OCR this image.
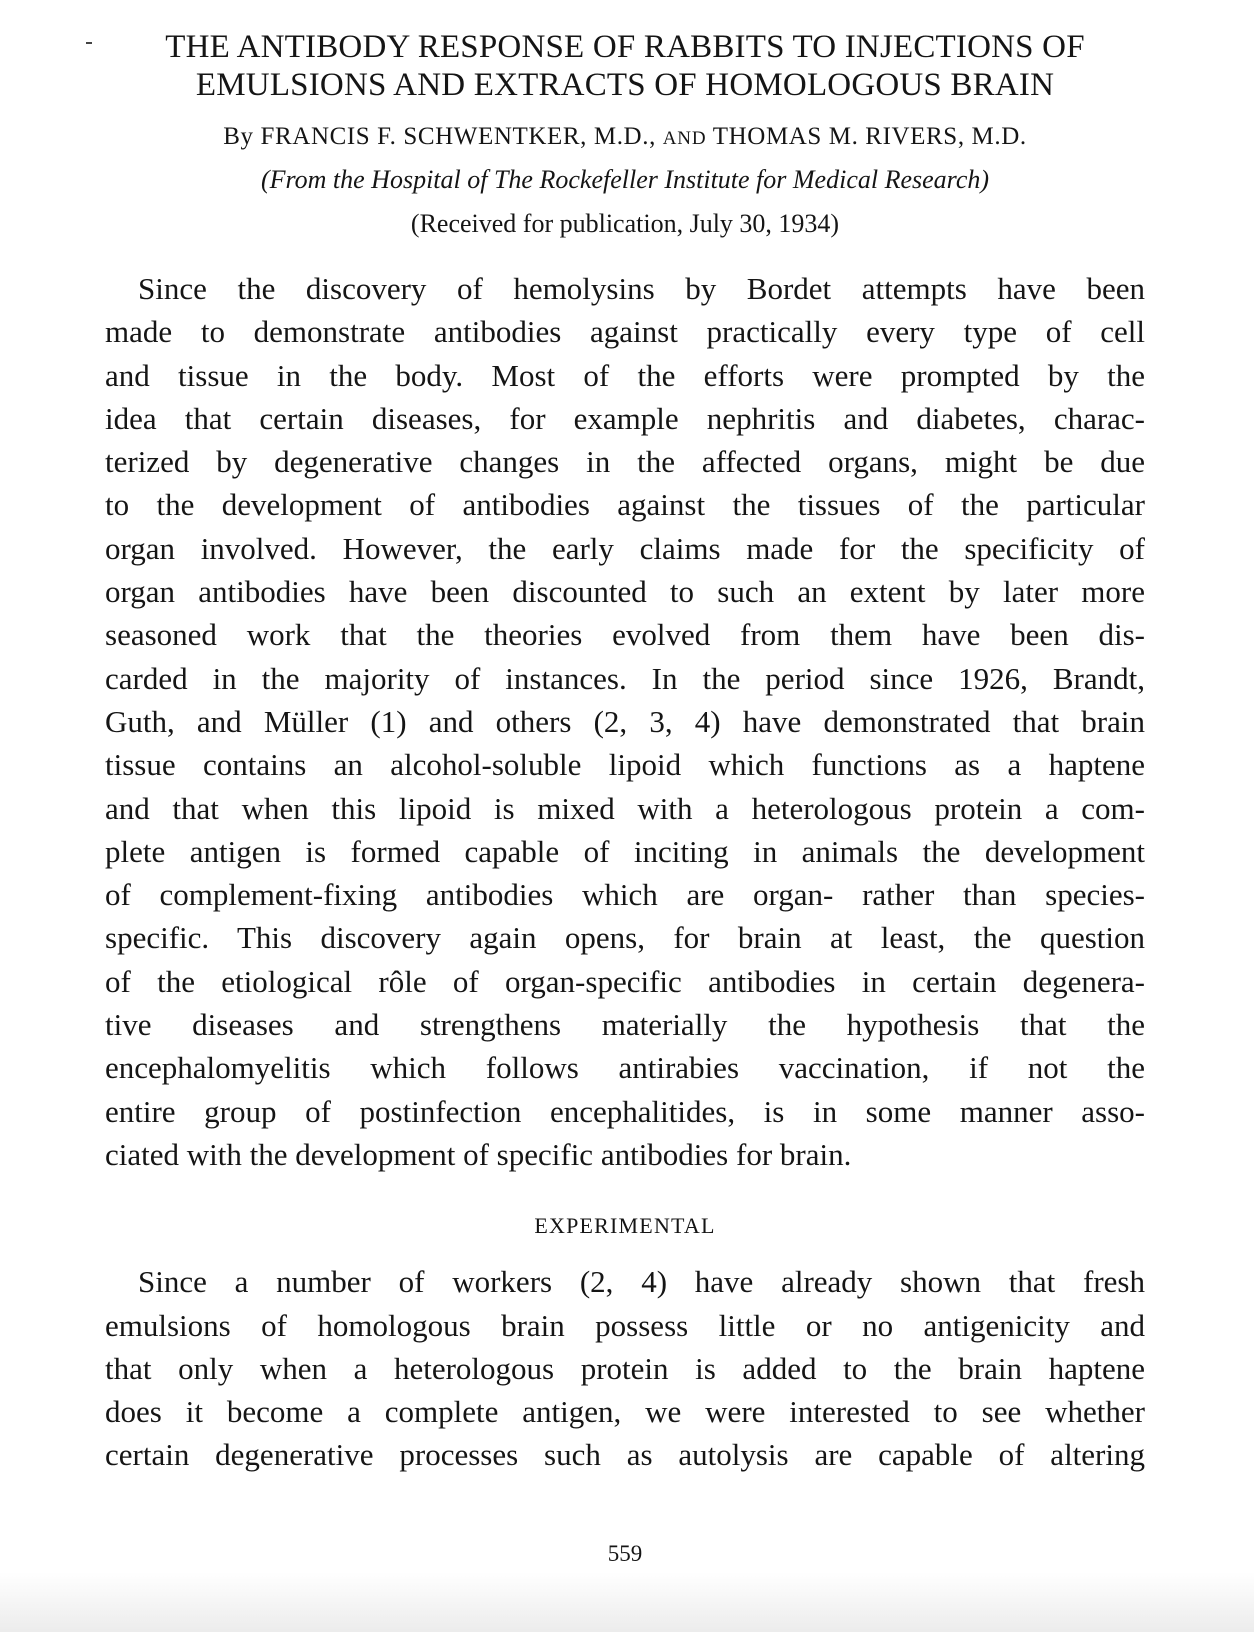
THE ANTIBODY RESPONSE OF RABBITS TO INJECTIONS OF
EMULSIONS AND EXTRACTS OF HOMOLOGOUS BRAIN
By FRANCIS F. SCHWENTKER, M.D., AND THOMAS M. RIVERS, M.D.
(From the Hospital of The Rockefeller Institute for Medical Research)
(Received for publication, July 30, 1934)
Since the discovery of hemolysins by Bordet attempts have been
made to demonstrate antibodies against practically every type of cell
and tissue in the body. Most of the efforts were prompted by the
idea that certain diseases, for example nephritis and diabetes, charac-
terized by degenerative changes in the affected organs, might be due
to the development of antibodies against the tissues of the particular
organ involved. However, the early claims made for the specificity of
organ antibodies have been discounted to such an extent by later more
seasoned work that the theories evolved from them have been dis-
carded in the majority of instances. In the period since 1926, Brandt,
Guth, and Müller (1) and others (2, 3, 4) have demonstrated that brain
tissue contains an alcohol-soluble lipoid which functions as a haptene
and that when this lipoid is mixed with a heterologous protein a com-
plete antigen is formed capable of inciting in animals the development
of complement-fixing antibodies which are organ- rather than species-
specific. This discovery again opens, for brain at least, the question
of the etiological rôle of organ-specific antibodies in certain degenera-
tive diseases and strengthens materially the hypothesis that the
encephalomyelitis which follows antirabies vaccination, if not the
entire group of postinfection encephalitides, is in some manner asso-
ciated with the development of specific antibodies for brain.
EXPERIMENTAL
Since a number of workers (2, 4) have already shown that fresh
emulsions of homologous brain possess little or no antigenicity and
that only when a heterologous protein is added to the brain haptene
does it become a complete antigen, we were interested to see whether
certain degenerative processes such as autolysis are capable of altering
559
